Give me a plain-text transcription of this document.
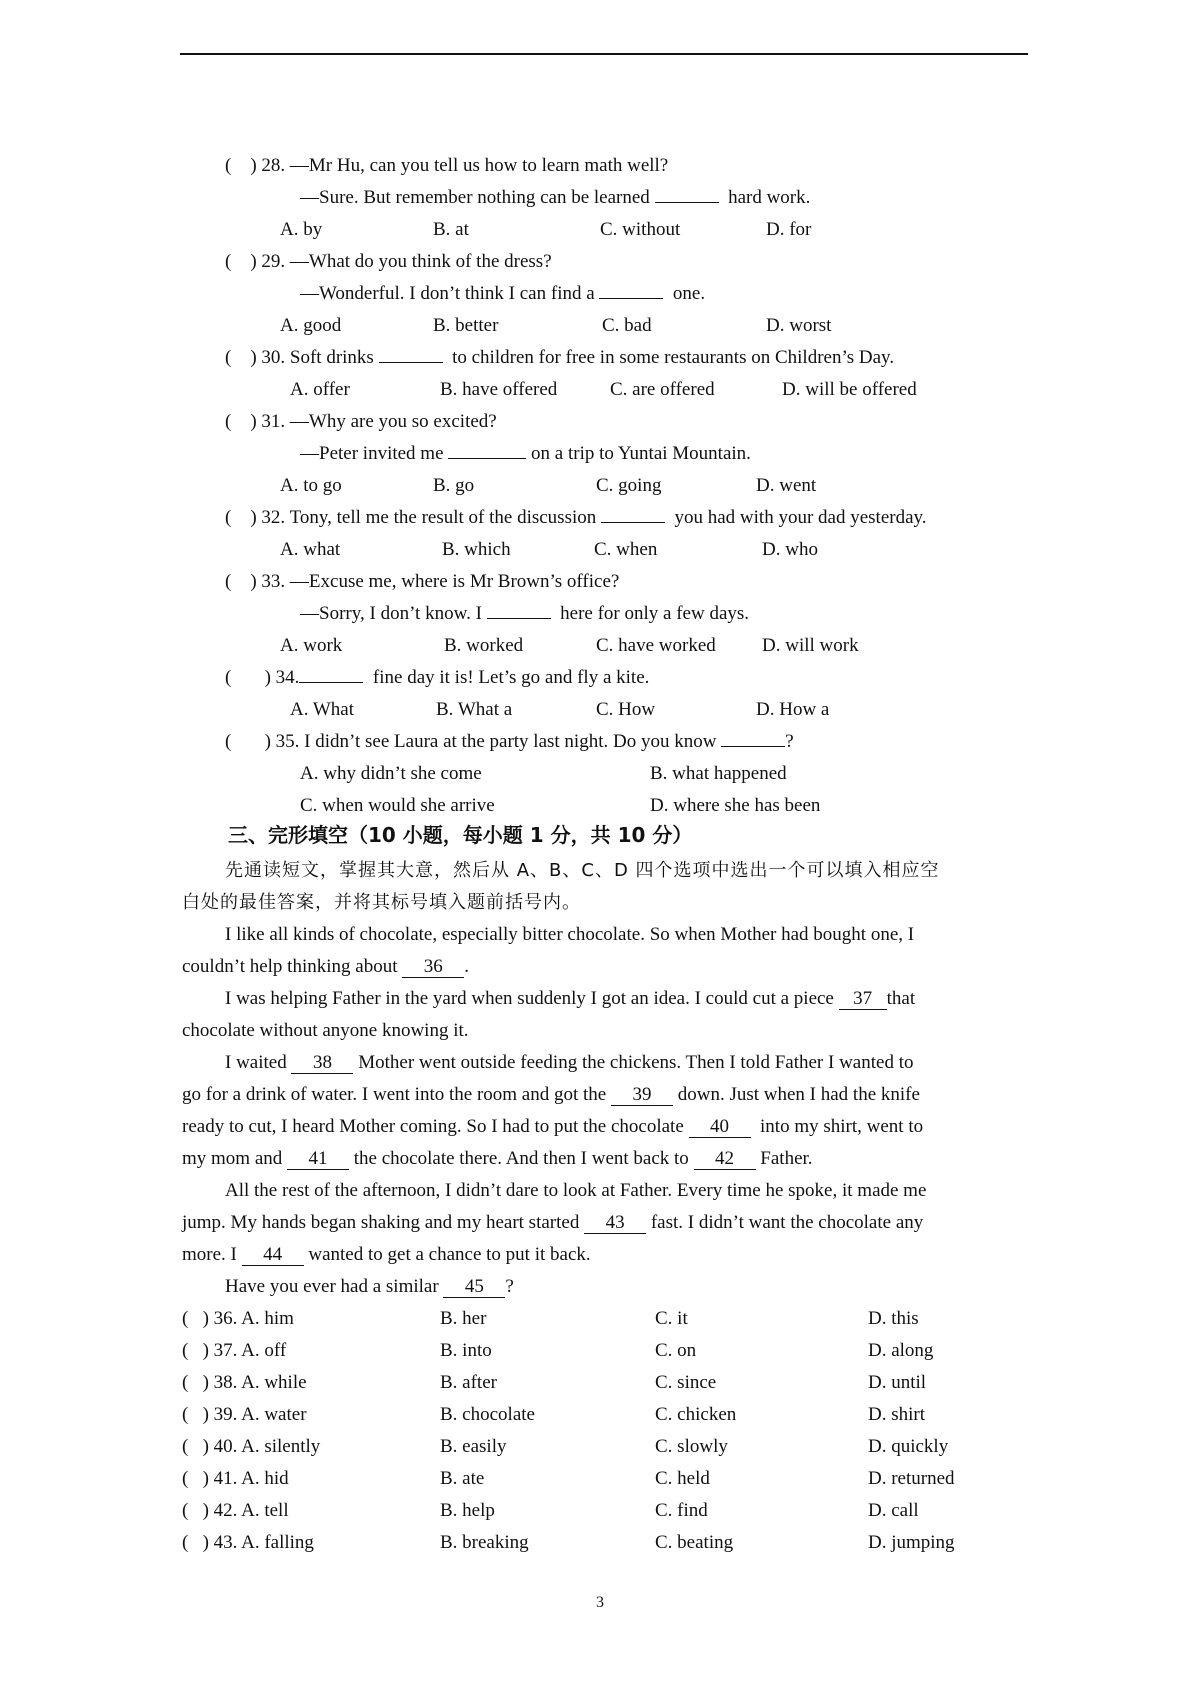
(    ) 28. —Mr Hu, can you tell us how to learn math well?
—Sure. But remember nothing can be learned	hard work.
A. by	B. at	C. without	D. for
(    ) 29. —What do you think of the dress?
—Wonderful. I don’t think I can find a	one.
A. good	B. better	C. bad	D. worst
(    ) 30. Soft drinks	to children for free in some restaurants on Children’s Day.
A. offer	B. have offered	C. are offered	D. will be offered
(    ) 31. —Why are you so excited?
—Peter invited me	on a trip to Yuntai Mountain.
A. to go	B. go	C. going	D. went
(    ) 32. Tony, tell me the result of the discussion	you had with your dad yesterday.
A. what	B. which	C. when	D. who
(    ) 33. —Excuse me, where is Mr Brown’s office?
—Sorry, I don’t know. I	here for only a few days.
A. work	B. worked	C. have worked D. will work
(       ) 34.	fine day it is! Let’s go and fly a kite.
A. What	B. What a	C. How	D. How a
(       ) 35. I didn’t see Laura at the party last night. Do you know	?
A. why didn’t she come	B. what happened
C. when would she arrive	D. where she has been
三、完形填空（10 小题，每小题 1 分，共 10 分）
先通读短文，掌握其大意，然后从 A、B、C、D 四个选项中选出一个可以填入相应空
白处的最佳答案，并将其标号填入题前括号内。
I like all kinds of chocolate, especially bitter chocolate. So when Mother had bought one, I
couldn’t help thinking about 36 .
I was helping Father in the yard when suddenly I got an idea. I could cut a piece 37 that
chocolate without anyone knowing it.
I waited 38 Mother went outside feeding the chickens. Then I told Father I wanted to
go for a drink of water. I went into the room and got the 39 down. Just when I had the knife
ready to cut, I heard Mother coming. So I had to put the chocolate 40 into my shirt, went to
my mom and 41 the chocolate there. And then I went back to 42 Father.
All the rest of the afternoon, I didn’t dare to look at Father. Every time he spoke, it made me
jump. My hands began shaking and my heart started 43 fast. I didn’t want the chocolate any
more. I 44 wanted to get a chance to put it back.
Have you ever had a similar 45 ?
(   ) 36. A. him	B. her	C. it	D. this
(   ) 37. A. off	B. into	C. on	D. along
(   ) 38. A. while	B. after	C. since	D. until
(   ) 39. A. water	B. chocolate	C. chicken	D. shirt
(   ) 40. A. silently	B. easily	C. slowly	D. quickly
(   ) 41. A. hid	B. ate	C. held	D. returned
(   ) 42. A. tell	B. help	C. find	D. call
(   ) 43. A. falling	B. breaking	C. beating	D. jumping
3
